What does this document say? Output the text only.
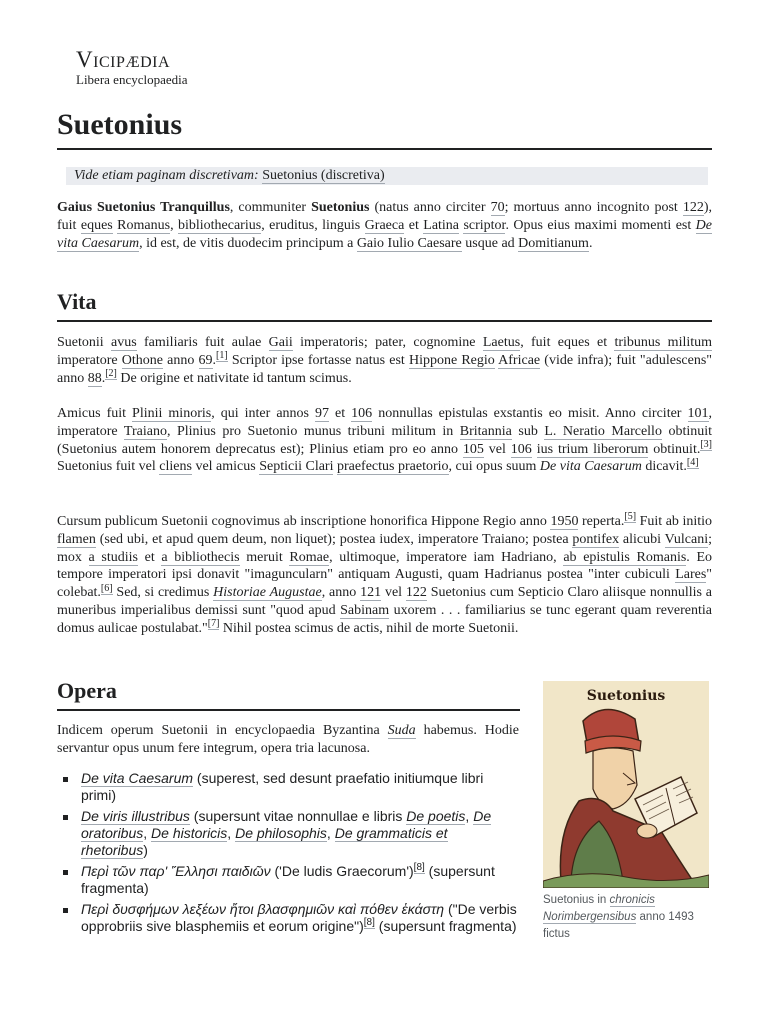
Vicipædia
Libera encyclopaedia
Suetonius
Vide etiam paginam discretivam: Suetonius (discretiva)

Gaius Suetonius Tranquillus, communiter Suetonius (natus anno circiter 70; mortuus anno incognito post 122), fuit eques Romanus, bibliothecarius, eruditus, linguis Graeca et Latina scriptor. Opus eius maximi momenti est De vita Caesarum, id est, de vitis duodecim principum a Gaio Iulio Caesare usque ad Domitianum.

Vita

Suetonii avus familiaris fuit aulae Gaii imperatoris; pater, cognomine Laetus, fuit eques et tribunus militum imperatore Othone anno 69.[1] Scriptor ipse fortasse natus est Hippone Regio Africae (vide infra); fuit "adulescens" anno 88.[2] De origine et nativitate id tantum scimus.

Amicus fuit Plinii minoris, qui inter annos 97 et 106 nonnullas epistulas exstantis eo misit. Anno circiter 101, imperatore Traiano, Plinius pro Suetonio munus tribuni militum in Britannia sub L. Neratio Marcello obtinuit (Suetonius autem honorem deprecatus est); Plinius etiam pro eo anno 105 vel 106 ius trium liberorum obtinuit.[3] Suetonius fuit vel cliens vel amicus Septicii Clari praefectus praetorio, cui opus suum De vita Caesarum dicavit.[4]

Cursum publicum Suetonii cognovimus ab inscriptione honorifica Hippone Regio anno 1950 reperta.[5] Fuit ab initio flamen (sed ubi, et apud quem deum, non liquet); postea iudex, imperatore Traiano; postea pontifex alicubi Vulcani; mox a studiis et a bibliothecis meruit Romae, ultimoque, imperatore iam Hadriano, ab epistulis Romanis. Eo tempore imperatori ipsi donavit "imaguncularn" antiquam Augusti, quam Hadrianus postea "inter cubiculi Lares" colebat.[6] Sed, si credimus Historiae Augustae, anno 121 vel 122 Suetonius cum Septicio Claro aliisque nonnullis a muneribus imperialibus demissi sunt "quod apud Sabinam uxorem . . . familiarius se tunc egerant quam reverentia domus aulicae postulabat."[7] Nihil postea scimus de actis, nihil de morte Suetonii.

Opera

Indicem operum Suetonii in encyclopaedia Byzantina Suda habemus. Hodie servantur opus unum fere integrum, opera tria lacunosa.

De vita Caesarum (superest, sed desunt praefatio initiumque libri primi)
De viris illustribus (supersunt vitae nonnullae e libris De poetis, De oratoribus, De historicis, De philosophis, De grammaticis et rhetoribus)
Περὶ τῶν παρ' Ἕλλησι παιδιῶν ('De ludis Graecorum')[8] (supersunt fragmenta)
Περὶ δυσφήμων λεξέων ἤτοι βλασφημιῶν καὶ πόθεν ἑκάστη ("De verbis opprobriis sive blasphemiis et eorum origine")[8] (supersunt fragmenta)
Suetonius
Suetonius in chronicis Norimbergensibus anno 1493 fictus
